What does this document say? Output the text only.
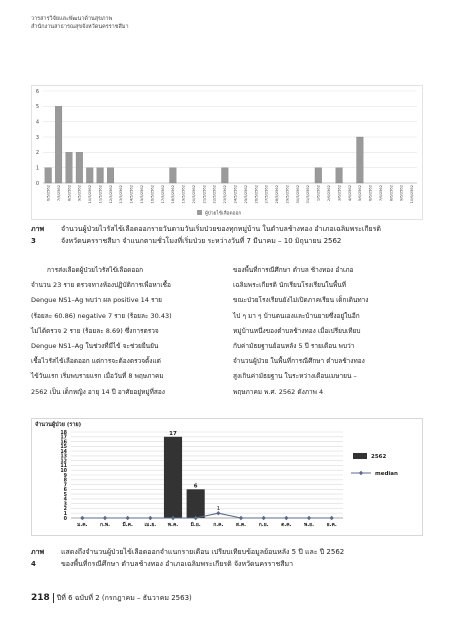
วารสารวิจัยและพัฒนาด้านสุขภาพ
สำนักงานสาธารณสุขจังหวัดนครราชสีมา
0
1
2
3
4
5
6
6/5/2562 7/5/2562 8/5/2562 9/5/2562 10/5/2562 11/5/2562 12/5/2562 13/5/2562 14/5/2562 15/5/2562 16/5/2562 17/5/2562 18/5/2562 19/5/2562 20/5/2562 21/5/2562 22/5/2562 23/5/2562 24/5/2562 25/5/2562 26/5/2562 27/5/2562 28/5/2562 29/5/2562 30/5/2562 31/5/2562 1/6/2562 2/6/2562 3/6/2562 4/6/2562 5/6/2562 6/6/2562 7/6/2562 8/6/2562 9/6/2562 10/6/2562
ผู้ป่วยไข้เลือดออก
ภาพ 3
จำนวนผู้ป่วยไวรัสไข้เลือดออกรายวันตามวันเริ่มป่วยของทุกหมู่บ้าน ในตำบลช้างทอง อำเภอเฉลิมพระเกียรติ
จังหวัดนครราชสีมา จำแนกตามชั่วโมงที่เริ่มป่วย ระหว่างวันที่ 7 มีนาคม – 10 มิถุนายน 2562

การส่งเลือดผู้ป่วยไวรัสไข้เลือดออก

จำนวน 23 ราย ตรวจทางห้องปฏิบัติการเพื่อหาเชื้อ

Dengue NS1–Ag พบว่า ผล positive 14 ราย

(ร้อยละ 60.86) negative 7 ราย (ร้อยละ 30.43)

ไม่ได้ตรวจ 2 ราย (ร้อยละ 8.69) ซึ่งการตรวจ

Dengue NS1–Ag ในช่วงที่มีไข้ จะช่วยยืนยัน

เชื้อไวรัสไข้เลือดออก แต่การจะต้องตรวจตั้งแต่

ไข้วันแรก เริ่มพบรายแรก เมื่อวันที่ 8 พฤษภาคม

2562 เป็น เด็กหญิง อายุ 14 ปี อาศัยอยู่หมู่ที่สอง

ของพื้นที่การณีศึกษา ตำบล ช้างทอง อำเภอ

เฉลิมพระเกียรติ นักเรียนโรงเรียนในพื้นที่

ขณะป่วยโรงเรียนยังไม่เปิดภาคเรียน เด็กเดินทาง

ไป ๆ มา ๆ บ้านตนเองและบ้านยายซึ่งอยู่ในอีก

หมู่บ้านหนึ่งของตำบลช้างทอง เมื่อเปรียบเทียบ

กับค่ามัธยฐานย้อนหลัง 5 ปี รายเดือน พบว่า

จำนวนผู้ป่วย ในพื้นที่การณีศึกษา ตำบลช้างทอง

สูงเกินค่ามัธยฐาน ในระหว่างเดือนเมษายน –

พฤษภาคม พ.ศ. 2562 ดังภาพ 4

จำนวนผู้ป่วย (ราย)
0
1
2
3
4
5
6
7
8
9
10
11
12
13
14
15
16
17
18
ม.ค. ก.พ. มี.ค. เม.ย.
17
พ.ค.
6
มิ.ย.	ก.ค. ส.ค.	ก.ย.	ต.ค. พ.ย.	ธ.ค.
1
2562
median
ภาพ 4
แสดงถึงจำนวนผู้ป่วยไข้เลือดออกจำแนกรายเดือน เปรียบเทียบข้อมูลย้อนหลัง 5 ปี และ ปี 2562
ของพื้นที่กรณีศึกษา ตำบลช้างทอง อำเภอเฉลิมพระเกียรติ จังหวัดนครราชสีมา
218 ปีที่ 6 ฉบับที่ 2 (กรกฎาคม – ธันวาคม 2563)
